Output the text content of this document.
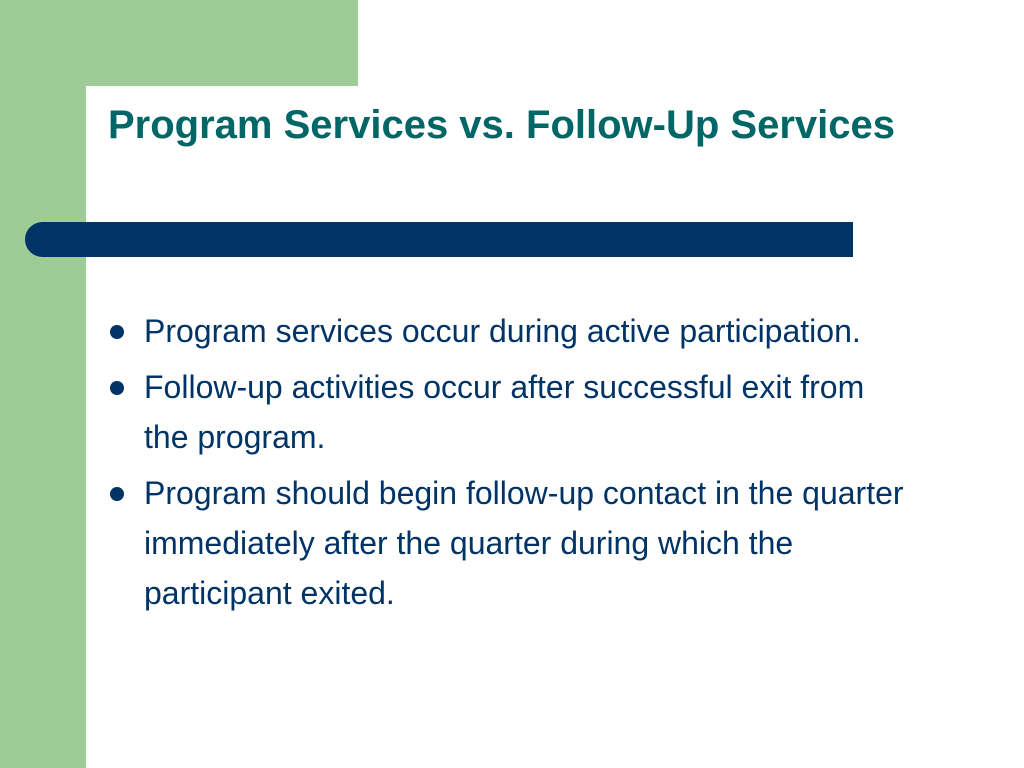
Program Services vs. Follow-Up Services
Program services occur during active participation.
Follow-up activities occur after successful exit from the program.
Program should begin follow-up contact in the quarter immediately after the quarter during which the participant exited.
